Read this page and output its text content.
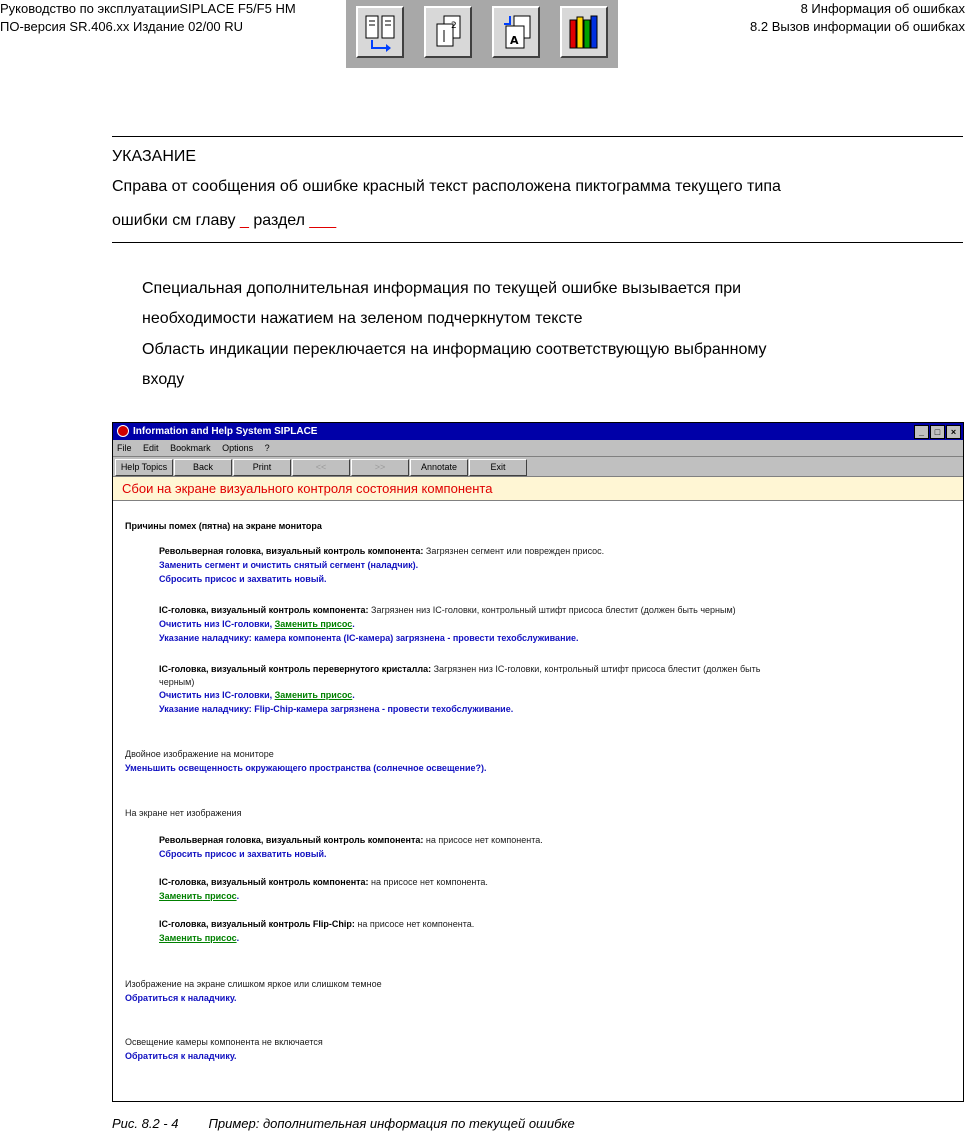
Руководство по эксплуатацииSIPLACE F5/F5 HM
ПО-версия SR.406.xx Издание 02/00 RU
8 Информация об ошибках
8.2 Вызов информации об ошибках
2
A
УКАЗАНИЕ
Справа от сообщения об ошибке красный текст расположена пиктограмма текущего типа
ошибки см главу _ раздел ___
Специальная дополнительная информация по текущей ошибке вызывается при
необходимости нажатием на зеленом подчеркнутом тексте
Область индикации переключается на информацию соответствующую выбранному
входу
Information and Help System SIPLACE	_ □ ×
File Edit Bookmark Options ?
Help Topics	Back	Print	<<	>>	Annotate	Exit
Сбои на экране визуального контроля состояния компонента
Причины помех (пятна) на экране монитора
Револьверная головка, визуальный контроль компонента: Загрязнен сегмент или поврежден присос.
Заменить сегмент и очистить снятый сегмент (наладчик).
Сбросить присос и захватить новый.
IC-головка, визуальный контроль компонента: Загрязнен низ IC-головки, контрольный штифт присоса блестит (должен быть черным)
Очистить низ IC-головки, Заменить присос.
Указание наладчику: камера компонента (IC-камера) загрязнена - провести техобслуживание.
IC-головка, визуальный контроль перевернутого кристалла: Загрязнен низ IC-головки, контрольный штифт присоса блестит (должен быть
черным)
Очистить низ IC-головки, Заменить присос.
Указание наладчику: Flip-Chip-камера загрязнена - провести техобслуживание.
Двойное изображение на мониторе
Уменьшить освещенность окружающего пространства (солнечное освещение?).
На экране нет изображения
Револьверная головка, визуальный контроль компонента: на присосе нет компонента.
Сбросить присос и захватить новый.
IC-головка, визуальный контроль компонента: на присосе нет компонента.
Заменить присос.
IC-головка, визуальный контроль Flip-Chip: на присосе нет компонента.
Заменить присос.
Изображение на экране слишком яркое или слишком темное
Обратиться к наладчику.
Освещение камеры компонента не включается
Обратиться к наладчику.
Рис. 8.2 - 4 Пример: дополнительная информация по текущей ошибке
